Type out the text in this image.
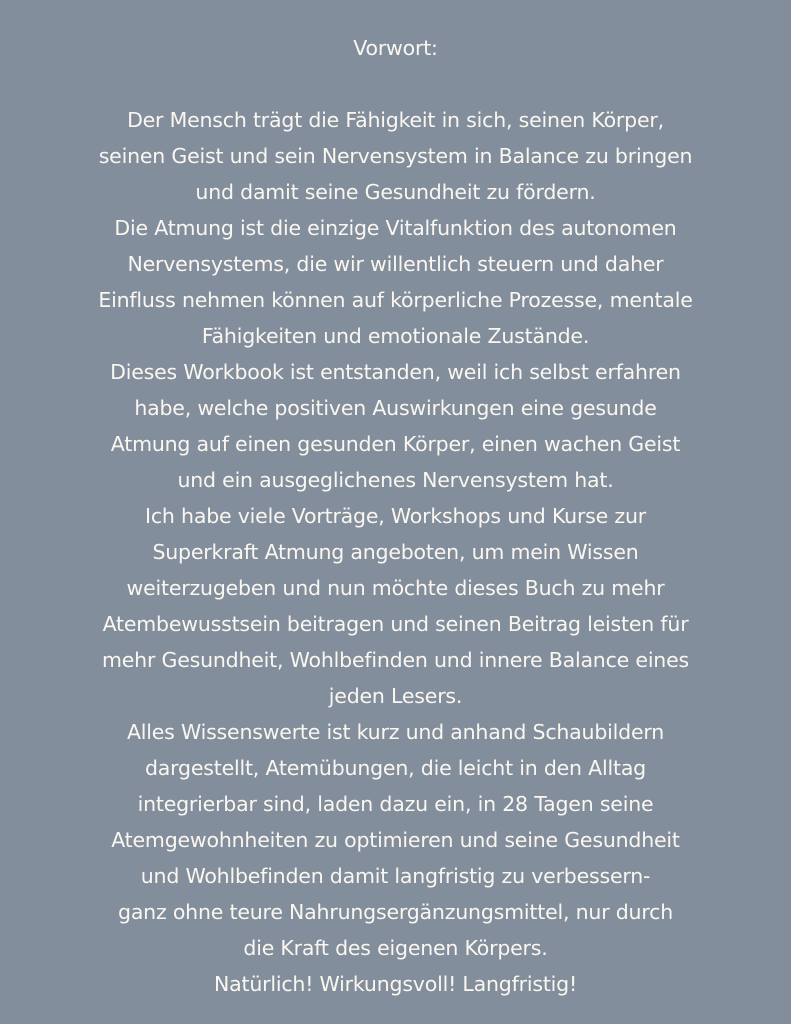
Vorwort:
Der Mensch trägt die Fähigkeit in sich, seinen Körper,
seinen Geist und sein Nervensystem in Balance zu bringen
und damit seine Gesundheit zu fördern.
Die Atmung ist die einzige Vitalfunktion des autonomen
Nervensystems, die wir willentlich steuern und daher
Einfluss nehmen können auf körperliche Prozesse, mentale
Fähigkeiten und emotionale Zustände.
Dieses Workbook ist entstanden, weil ich selbst erfahren
habe, welche positiven Auswirkungen eine gesunde
Atmung auf einen gesunden Körper, einen wachen Geist
und ein ausgeglichenes Nervensystem hat.
Ich habe viele Vorträge, Workshops und Kurse zur
Superkraft Atmung angeboten, um mein Wissen
weiterzugeben und nun möchte dieses Buch zu mehr
Atembewusstsein beitragen und seinen Beitrag leisten für
mehr Gesundheit, Wohlbefinden und innere Balance eines
jeden Lesers.
Alles Wissenswerte ist kurz und anhand Schaubildern
dargestellt, Atemübungen, die leicht in den Alltag
integrierbar sind, laden dazu ein, in 28 Tagen seine
Atemgewohnheiten zu optimieren und seine Gesundheit
und Wohlbefinden damit langfristig zu verbessern-
ganz ohne teure Nahrungsergänzungsmittel, nur durch
die Kraft des eigenen Körpers.
Natürlich! Wirkungsvoll! Langfristig!
